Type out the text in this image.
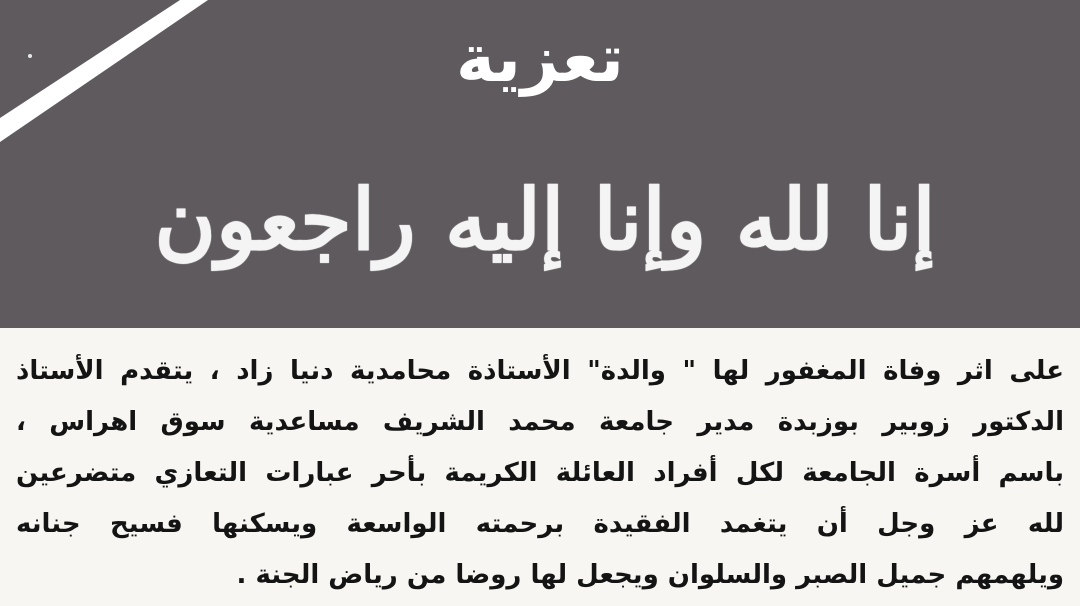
تعزية
إنا لله وإنا إليه راجعون
على اثر وفاة المغفور لها " والدة" الأستاذة محامدية دنيا زاد ، يتقدم الأستاذ
الدكتور زوبير بوزبدة مدير جامعة محمد الشريف مساعدية سوق اهراس ،
باسم أسرة الجامعة لكل أفراد العائلة الكريمة بأحر عبارات التعازي متضرعين
لله عز وجل أن يتغمد الفقيدة برحمته الواسعة ويسكنها فسيح جنانه
ويلهمهم جميل الصبر والسلوان ويجعل لها روضا من رياض الجنة .
